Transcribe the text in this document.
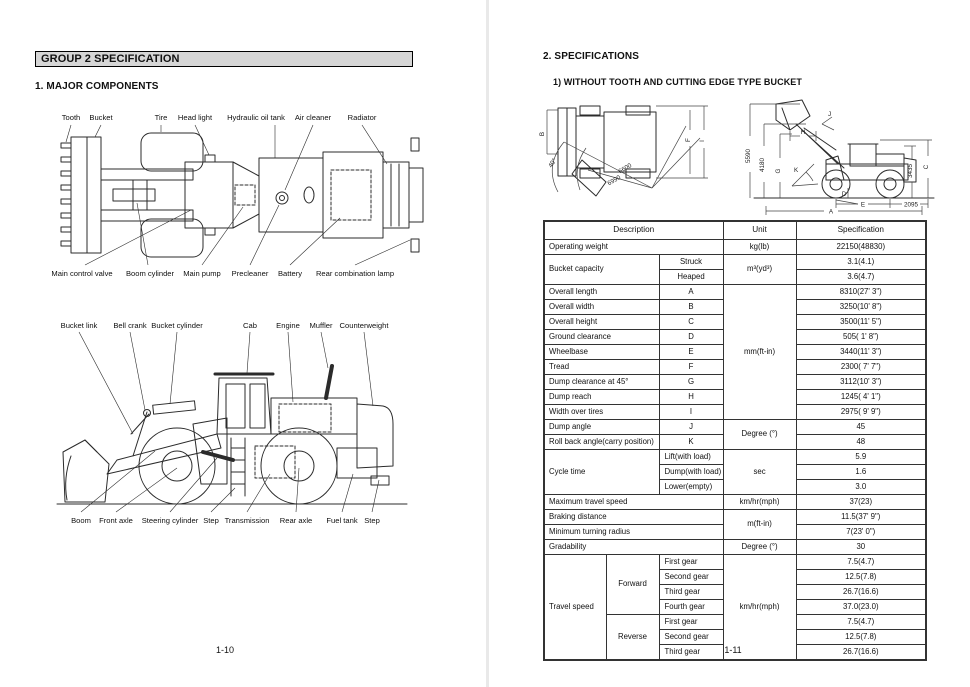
GROUP 2 SPECIFICATION
1. MAJOR COMPONENTS
Tooth Bucket	Tire Head light Hydraulic oil tank Air cleaner Radiator
Main control valve Boom cylinder Main pump Precleaner Battery Rear combination lamp
Bucket link Bell crank Bucket cylinder	Cab	Engine Muffler Counterweight
Boom Front axle Steering cylinder Step Transmission Rear axle Fuel tank Step
1-10
2. SPECIFICATIONS
1) WITHOUT TOOTH AND CUTTING EDGE TYPE BUCKET
B
F I
40°	6600
6990
5590
4180 G K
H
J
D
E	2095
A
3435 C
Description			Unit	Specification
Operating weight			kg(lb)	22150(48830)
Bucket capacity		Struck	m³(yd³)	3.1(4.1)
		Heaped		3.6(4.7)
Overall length		A	mm(ft-in)	8310(27' 3")
Overall width		B		3250(10' 8")
Overall height		C		3500(11' 5")
Ground clearance		D		505( 1' 8")
Wheelbase		E		3440(11' 3")
Tread		F		2300( 7' 7")
Dump clearance at 45°		G		3112(10' 3")
Dump reach		H		1245( 4' 1")
Width over tires		I		2975( 9' 9")
Dump angle		J	Degree (°)	45
Roll back angle(carry position)		K		48
Cycle time		Lift(with load)	sec	5.9
		Dump(with load)		1.6
		Lower(empty)		3.0
Maximum travel speed			km/hr(mph)	37(23)
Braking distance			m(ft-in)	11.5(37' 9")
Minimum turning radius				7(23' 0")
Gradability			Degree (°)	30
Travel speed	Forward	First gear	km/hr(mph)	7.5(4.7)
		Second gear		12.5(7.8)
		Third gear		26.7(16.6)
		Fourth gear		37.0(23.0)
	Reverse	First gear		7.5(4.7)
		Second gear		12.5(7.8)
		Third gear		26.7(16.6)
1-11
